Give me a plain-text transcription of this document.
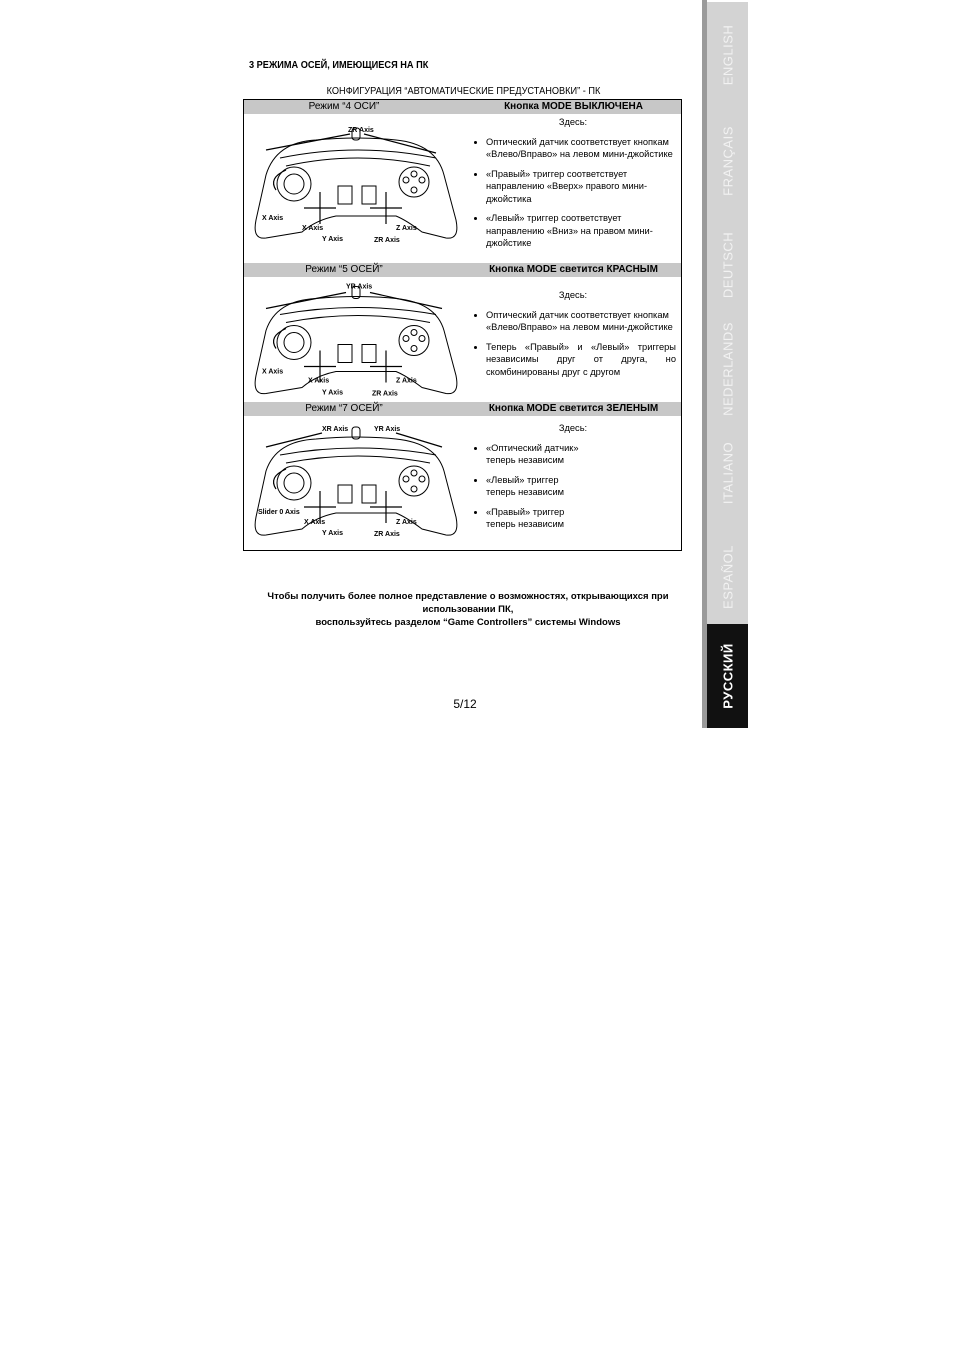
3 РЕЖИМА ОСЕЙ, ИМЕЮЩИЕСЯ НА ПК
КОНФИГУРАЦИЯ “АВТОМАТИЧЕСКИЕ ПРЕДУСТАНОВКИ” - ПК
Режим “4 ОСИ”	Кнопка MODE ВЫКЛЮЧЕНА
ZR Axis
X Axis
X Axis
Y Axis
Z Axis
ZR Axis
Здесь:
• Оптический датчик соответствует кнопкам «Влево/Вправо» на левом мини-джойстике
• «Правый» триггер соответствует направлению «Вверх» правого мини-джойстика
• «Левый» триггер соответствует направлению «Вниз» на правом мини-джойстике
Режим “5 ОСЕЙ”	Кнопка MODE светится КРАСНЫМ
YR Axis
X Axis
X Axis
Y Axis
Z Axis
ZR Axis
Здесь:
• Оптический датчик соответствует кнопкам «Влево/Вправо» на левом мини-джойстике
• Теперь «Правый» и «Левый» триггеры независимы друг от друга, но скомбинированы друг с другом
Режим “7 ОСЕЙ”	Кнопка MODE светится ЗЕЛЕНЫМ
XR Axis	YR Axis
Slider 0 Axis
X Axis
Y Axis
Z Axis
ZR Axis
Здесь:
• «Оптический датчик» теперь независим
• «Левый» триггер теперь независим
• «Правый» триггер теперь независим
Чтобы получить более полное представление о возможностях, открывающихся при использовании ПК,
воспользуйтесь разделом “Game Controllers” системы Windows
5/12
ENGLISH
FRANÇAIS
DEUTSCH
NEDERLANDS
ITALIANO
ESPAÑOL
РУССКИЙ
